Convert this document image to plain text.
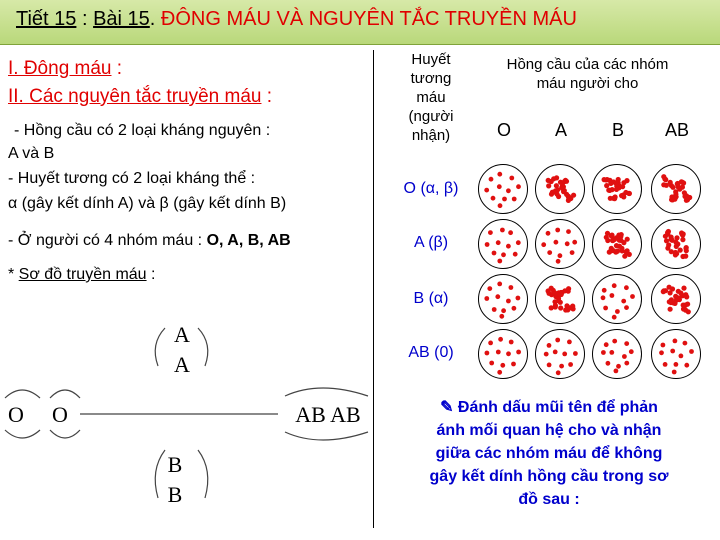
Tiết 15 : Bài 15. ĐÔNG MÁU VÀ NGUYÊN TẮC TRUYỀN MÁU
I. Đông máu :
II. Các nguyên tắc truyền máu :
- Hồng cầu có 2 loại kháng nguyên :
A và B
- Huyết tương có 2 loại kháng thể :
α (gây kết dính A) và β (gây kết dính B)
- Ở người có 4 nhóm máu : O, A, B, AB
* Sơ đồ truyền máu :
A
A
O O	AB AB
B
B
Huyết
tương
máu
(người
nhận)
Hồng cầu của các nhóm
máu người cho
O	A	B	AB
O (α, β)
A (β)
B (α)
AB (0)
✎ Đánh dấu mũi tên để phản
ánh mối quan hệ cho và nhận
giữa các nhóm máu để không
gây kết dính hồng cầu trong sơ
đồ sau :
